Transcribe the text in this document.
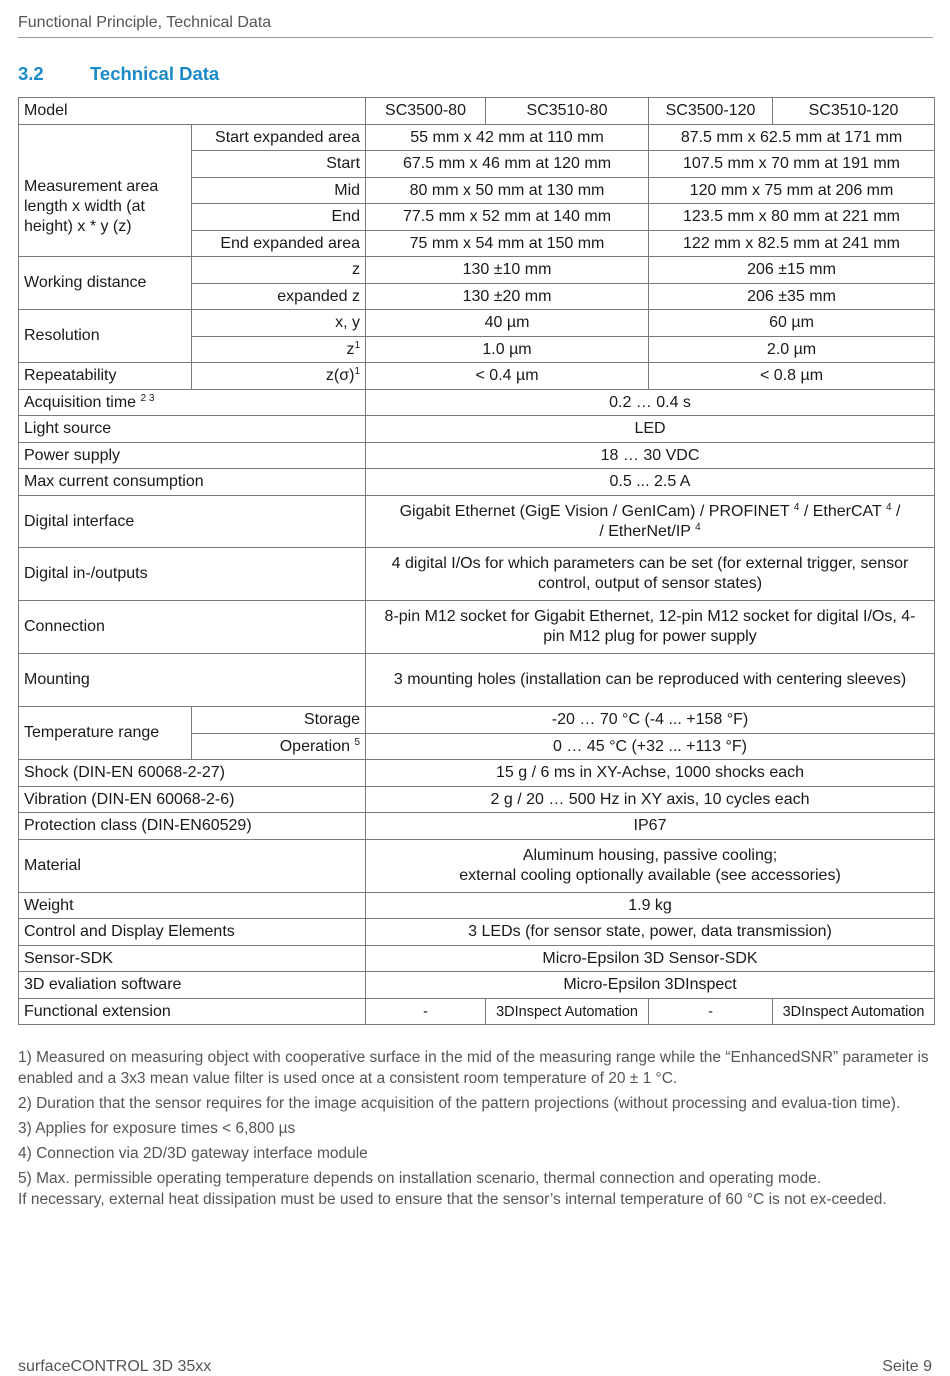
Functional Principle, Technical Data
3.2	Technical Data
Model		SC3500-80	SC3510-80	SC3500-120	SC3510-120
Measurement area length x width (at height) x * y (z)	Start expanded area	55 mm x 42 mm at 110 mm		87.5 mm x 62.5 mm at 171 mm	
	Start	67.5 mm x 46 mm at 120 mm		107.5 mm x 70 mm at 191 mm	
	Mid	80 mm x 50 mm at 130 mm		120 mm x 75 mm at 206 mm	
	End	77.5 mm x 52 mm at 140 mm		123.5 mm x 80 mm at 221 mm	
	End expanded area	75 mm x 54 mm at 150 mm		122 mm x 82.5 mm at 241 mm	
Working distance	z	130 ±10 mm		206 ±15 mm	
	expanded z	130 ±20 mm		206 ±35 mm	
Resolution	x, y	40 µm		60 µm	
	$z^1$	1.0 µm		2.0 µm	
Repeatability	$z(\sigma)^1$	< 0.4 µm		< 0.8 µm	
Acquisition time $^{2 3}$		0.2 … 0.4 s			
Light source		LED			
Power supply		18 … 30 VDC			
Max current consumption		0.5 ... 2.5 A			
Digital interface		Gigabit Ethernet (GigE Vision / GenICam) / PROFINET $^4$ / EtherCAT $^4$ /
/ EtherNet/IP $^4$
Digital in-/outputs		4 digital I/Os for which parameters can be set (for external trigger, sensor control, output of sensor states)			
Connection		8-pin M12 socket for Gigabit Ethernet, 12-pin M12 socket for digital I/Os, 4-pin M12 plug for power supply			
Mounting		3 mounting holes (installation can be reproduced with centering sleeves)			
Temperature range	Storage	-20 … 70 °C (-4 ... +158 °F)			
	Operation $^5$	0 … 45 °C (+32 ... +113 °F)			
Shock (DIN-EN 60068-2-27)		15 g / 6 ms in XY-Achse, 1000 shocks each			
Vibration (DIN-EN 60068-2-6)		2 g / 20 … 500 Hz in XY axis, 10 cycles each			
Protection class (DIN-EN60529)		IP67			
Material		Aluminum housing, passive cooling;
external cooling optionally available (see accessories)			
Weight		1.9 kg			
Control and Display Elements		3 LEDs (for sensor state, power, data transmission)			
Sensor-SDK		Micro-Epsilon 3D Sensor-SDK			
3D evaliation software		Micro-Epsilon 3DInspect			
Functional extension		-	3DInspect Automation	-	3DInspect Automation

1) Measured on measuring object with cooperative surface in the mid of the measuring range while the “EnhancedSNR” parameter is enabled and a 3x3 mean value filter is used once at a consistent room temperature of 20 ± 1 °C.

2) Duration that the sensor requires for the image acquisition of the pattern projections (without processing and evalua-tion time).

3) Applies for exposure times < 6,800 µs

4) Connection via 2D/3D gateway interface module

5) Max. permissible operating temperature depends on installation scenario, thermal connection and operating mode.

If necessary, external heat dissipation must be used to ensure that the sensor’s internal temperature of 60 °C is not ex-ceeded.

surfaceCONTROL 3D 35xx	Seite 9
